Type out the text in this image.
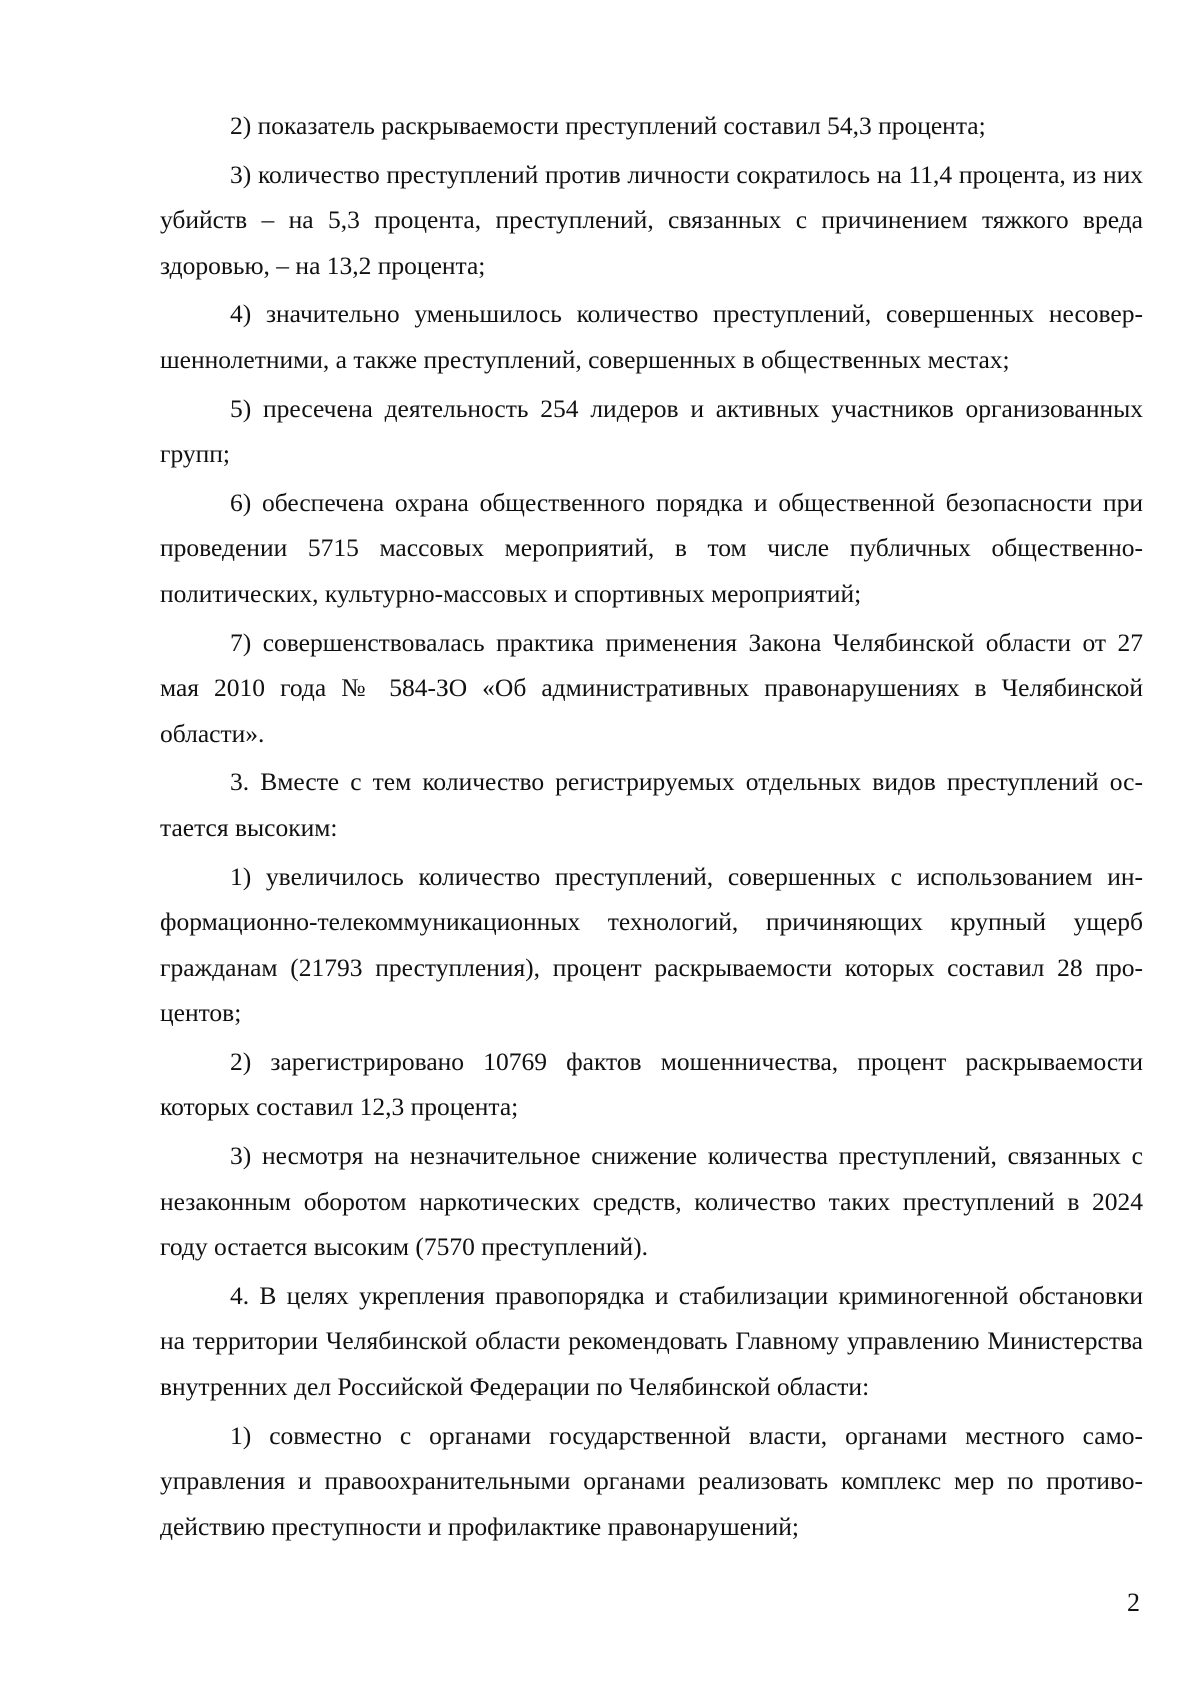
2) показатель раскрываемости преступлений составил 54,3 процента;

3) количество преступлений против личности сократилось на 11,4 процента, из них убийств – на 5,3 процента, преступлений, связанных с причинением тяжкого вреда здоровью, – на 13,2 процента;

4) значительно уменьшилось количество преступлений, совершенных несовершеннолетними, а также преступлений, совершенных в общественных местах;

5) пресечена деятельность 254 лидеров и активных участников организованных групп;

6) обеспечена охрана общественного порядка и общественной безопасности при проведении 5715 массовых мероприятий, в том числе публичных общественно-политических, культурно-массовых и спортивных мероприятий;

7) совершенствовалась практика применения Закона Челябинской области от 27 мая 2010 года № 584-ЗО «Об административных правонарушениях в Челябинской области».

3. Вместе с тем количество регистрируемых отдельных видов преступлений остается высоким:

1) увеличилось количество преступлений, совершенных с использованием информационно-телекоммуникационных технологий, причиняющих крупный ущерб гражданам (21793 преступления), процент раскрываемости которых составил 28 процентов;

2) зарегистрировано 10769 фактов мошенничества, процент раскрываемости которых составил 12,3 процента;

3) несмотря на незначительное снижение количества преступлений, связанных с незаконным оборотом наркотических средств, количество таких преступлений в 2024 году остается высоким (7570 преступлений).

4. В целях укрепления правопорядка и стабилизации криминогенной обстановки на территории Челябинской области рекомендовать Главному управлению Министерства внутренних дел Российской Федерации по Челябинской области:

1) совместно с органами государственной власти, органами местного самоуправления и правоохранительными органами реализовать комплекс мер по противодействию преступности и профилактике правонарушений;

2
